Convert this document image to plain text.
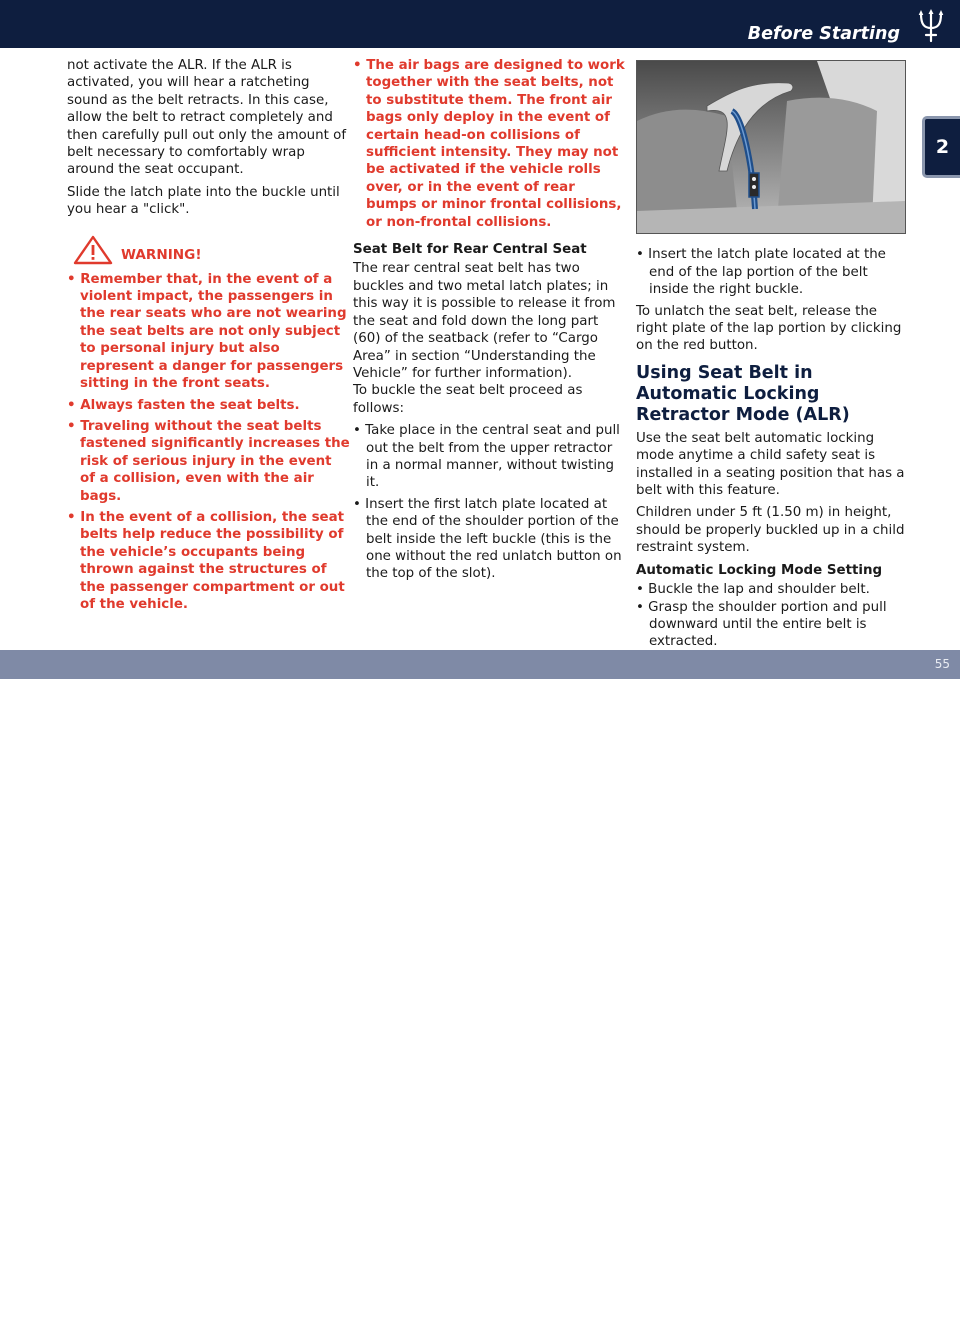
Before Starting
2

not activate the ALR. If the ALR is activated, you will hear a ratcheting sound as the belt retracts. In this case, allow the belt to retract completely and then carefully pull out only the amount of belt necessary to comfortably wrap around the seat occupant.

Slide the latch plate into the buckle until you hear a "click".

WARNING!

• Remember that, in the event of a violent impact, the passengers in the rear seats who are not wearing the seat belts are not only subject to personal injury but also represent a danger for passengers sitting in the front seats.

• Always fasten the seat belts.

• Traveling without the seat belts fastened significantly increases the risk of serious injury in the event of a collision, even with the air bags.

• In the event of a collision, the seat belts help reduce the possibility of the vehicle’s occupants being thrown against the structures of the passenger compartment or out of the vehicle.

• The air bags are designed to work together with the seat belts, not to substitute them. The front air bags only deploy in the event of certain head-on collisions of sufficient intensity. They may not be activated if the vehicle rolls over, or in the event of rear bumps or minor frontal collisions, or non-frontal collisions.

Seat Belt for Rear Central Seat

The rear central seat belt has two buckles and two metal latch plates; in this way it is possible to release it from the seat and fold down the long part (60) of the seatback (refer to “Cargo Area” in section “Understanding the Vehicle” for further information).

To buckle the seat belt proceed as follows:

• Take place in the central seat and pull out the belt from the upper retractor in a normal manner, without twisting it.

• Insert the first latch plate located at the end of the shoulder portion of the belt inside the left buckle (this is the one without the red unlatch button on the top of the slot).

• Insert the latch plate located at the end of the lap portion of the belt inside the right buckle.

To unlatch the seat belt, release the right plate of the lap portion by clicking on the red button.

Using Seat Belt in Automatic Locking Retractor Mode (ALR)

Use the seat belt automatic locking mode anytime a child safety seat is installed in a seating position that has a belt with this feature.

Children under 5 ft (1.50 m) in height, should be properly buckled up in a child restraint system.

Automatic Locking Mode Setting

• Buckle the lap and shoulder belt.

• Grasp the shoulder portion and pull downward until the entire belt is extracted.

carmanualsonline.info
55
